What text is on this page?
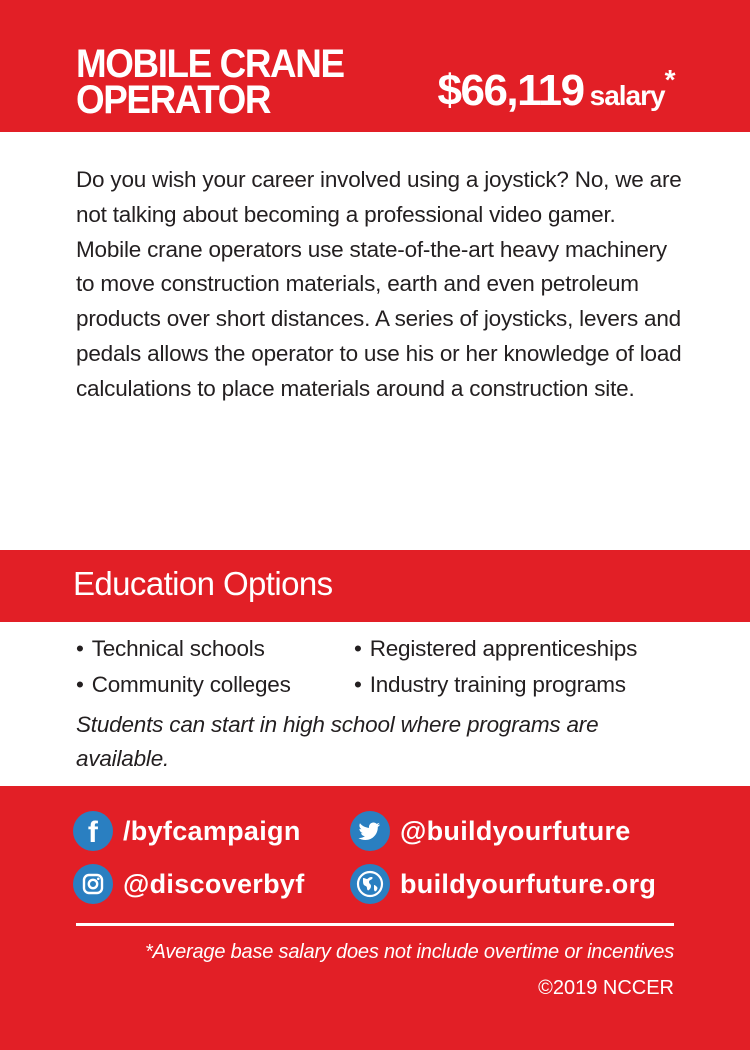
MOBILE CRANE
OPERATOR	$66,119 salary*

Do you wish your career involved using a joystick? No, we are not talking about becoming a professional video gamer. Mobile crane operators use state-of-the-art heavy machinery to move construction materials, earth and even petroleum products over short distances. A series of joysticks, levers and pedals allows the operator to use his or her knowledge of load calculations to place materials around a construction site.

Education Options
• Technical schools	• Registered apprenticeships
• Community colleges	• Industry training programs

Students can start in high school where programs are available.

f /byfcampaign	@buildyourfuture
@discoverbyf	buildyourfuture.org

*Average base salary does not include overtime or incentives

©2019 NCCER
